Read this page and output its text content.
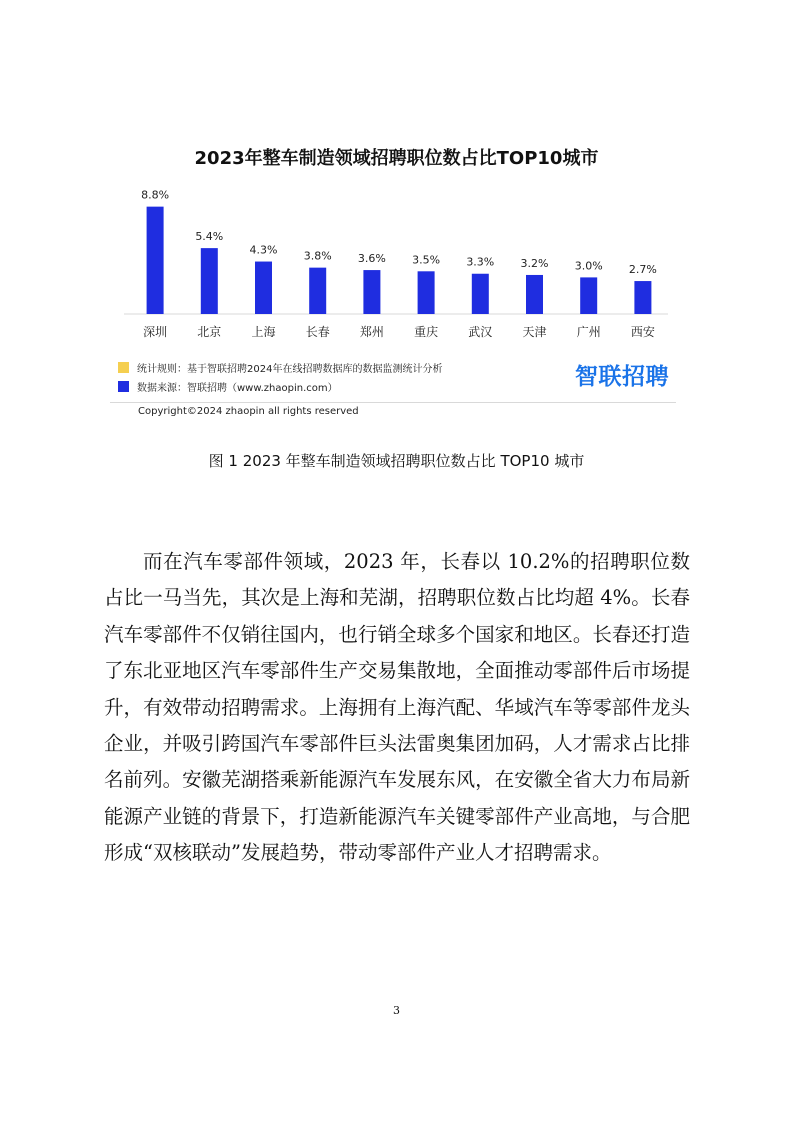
2023年整车制造领域招聘职位数占比TOP10城市
8.8%
深圳
5.4%
北京
4.3%
上海
3.8%
长春
3.6%
郑州
3.5%
重庆
3.3%
武汉
3.2%
天津
3.0%
广州
2.7%
西安
统计规则：基于智联招聘2024年在线招聘数据库的数据监测统计分析
数据来源：智联招聘（www.zhaopin.com）	智联招聘
Copyright©2024 zhaopin all rights reserved
图 1 2023 年整车制造领域招聘职位数占比 TOP10 城市

而在汽车零部件领域，2023 年，长春以 10.2%的招聘职位数占比一马当先，其次是上海和芜湖，招聘职位数占比均超 4%。长春汽车零部件不仅销往国内，也行销全球多个国家和地区。长春还打造了东北亚地区汽车零部件生产交易集散地，全面推动零部件后市场提升，有效带动招聘需求。上海拥有上海汽配、华域汽车等零部件龙头企业，并吸引跨国汽车零部件巨头法雷奥集团加码，人才需求占比排名前列。安徽芜湖搭乘新能源汽车发展东风，在安徽全省大力布局新能源产业链的背景下，打造新能源汽车关键零部件产业高地，与合肥形成“双核联动”发展趋势，带动零部件产业人才招聘需求。

3
